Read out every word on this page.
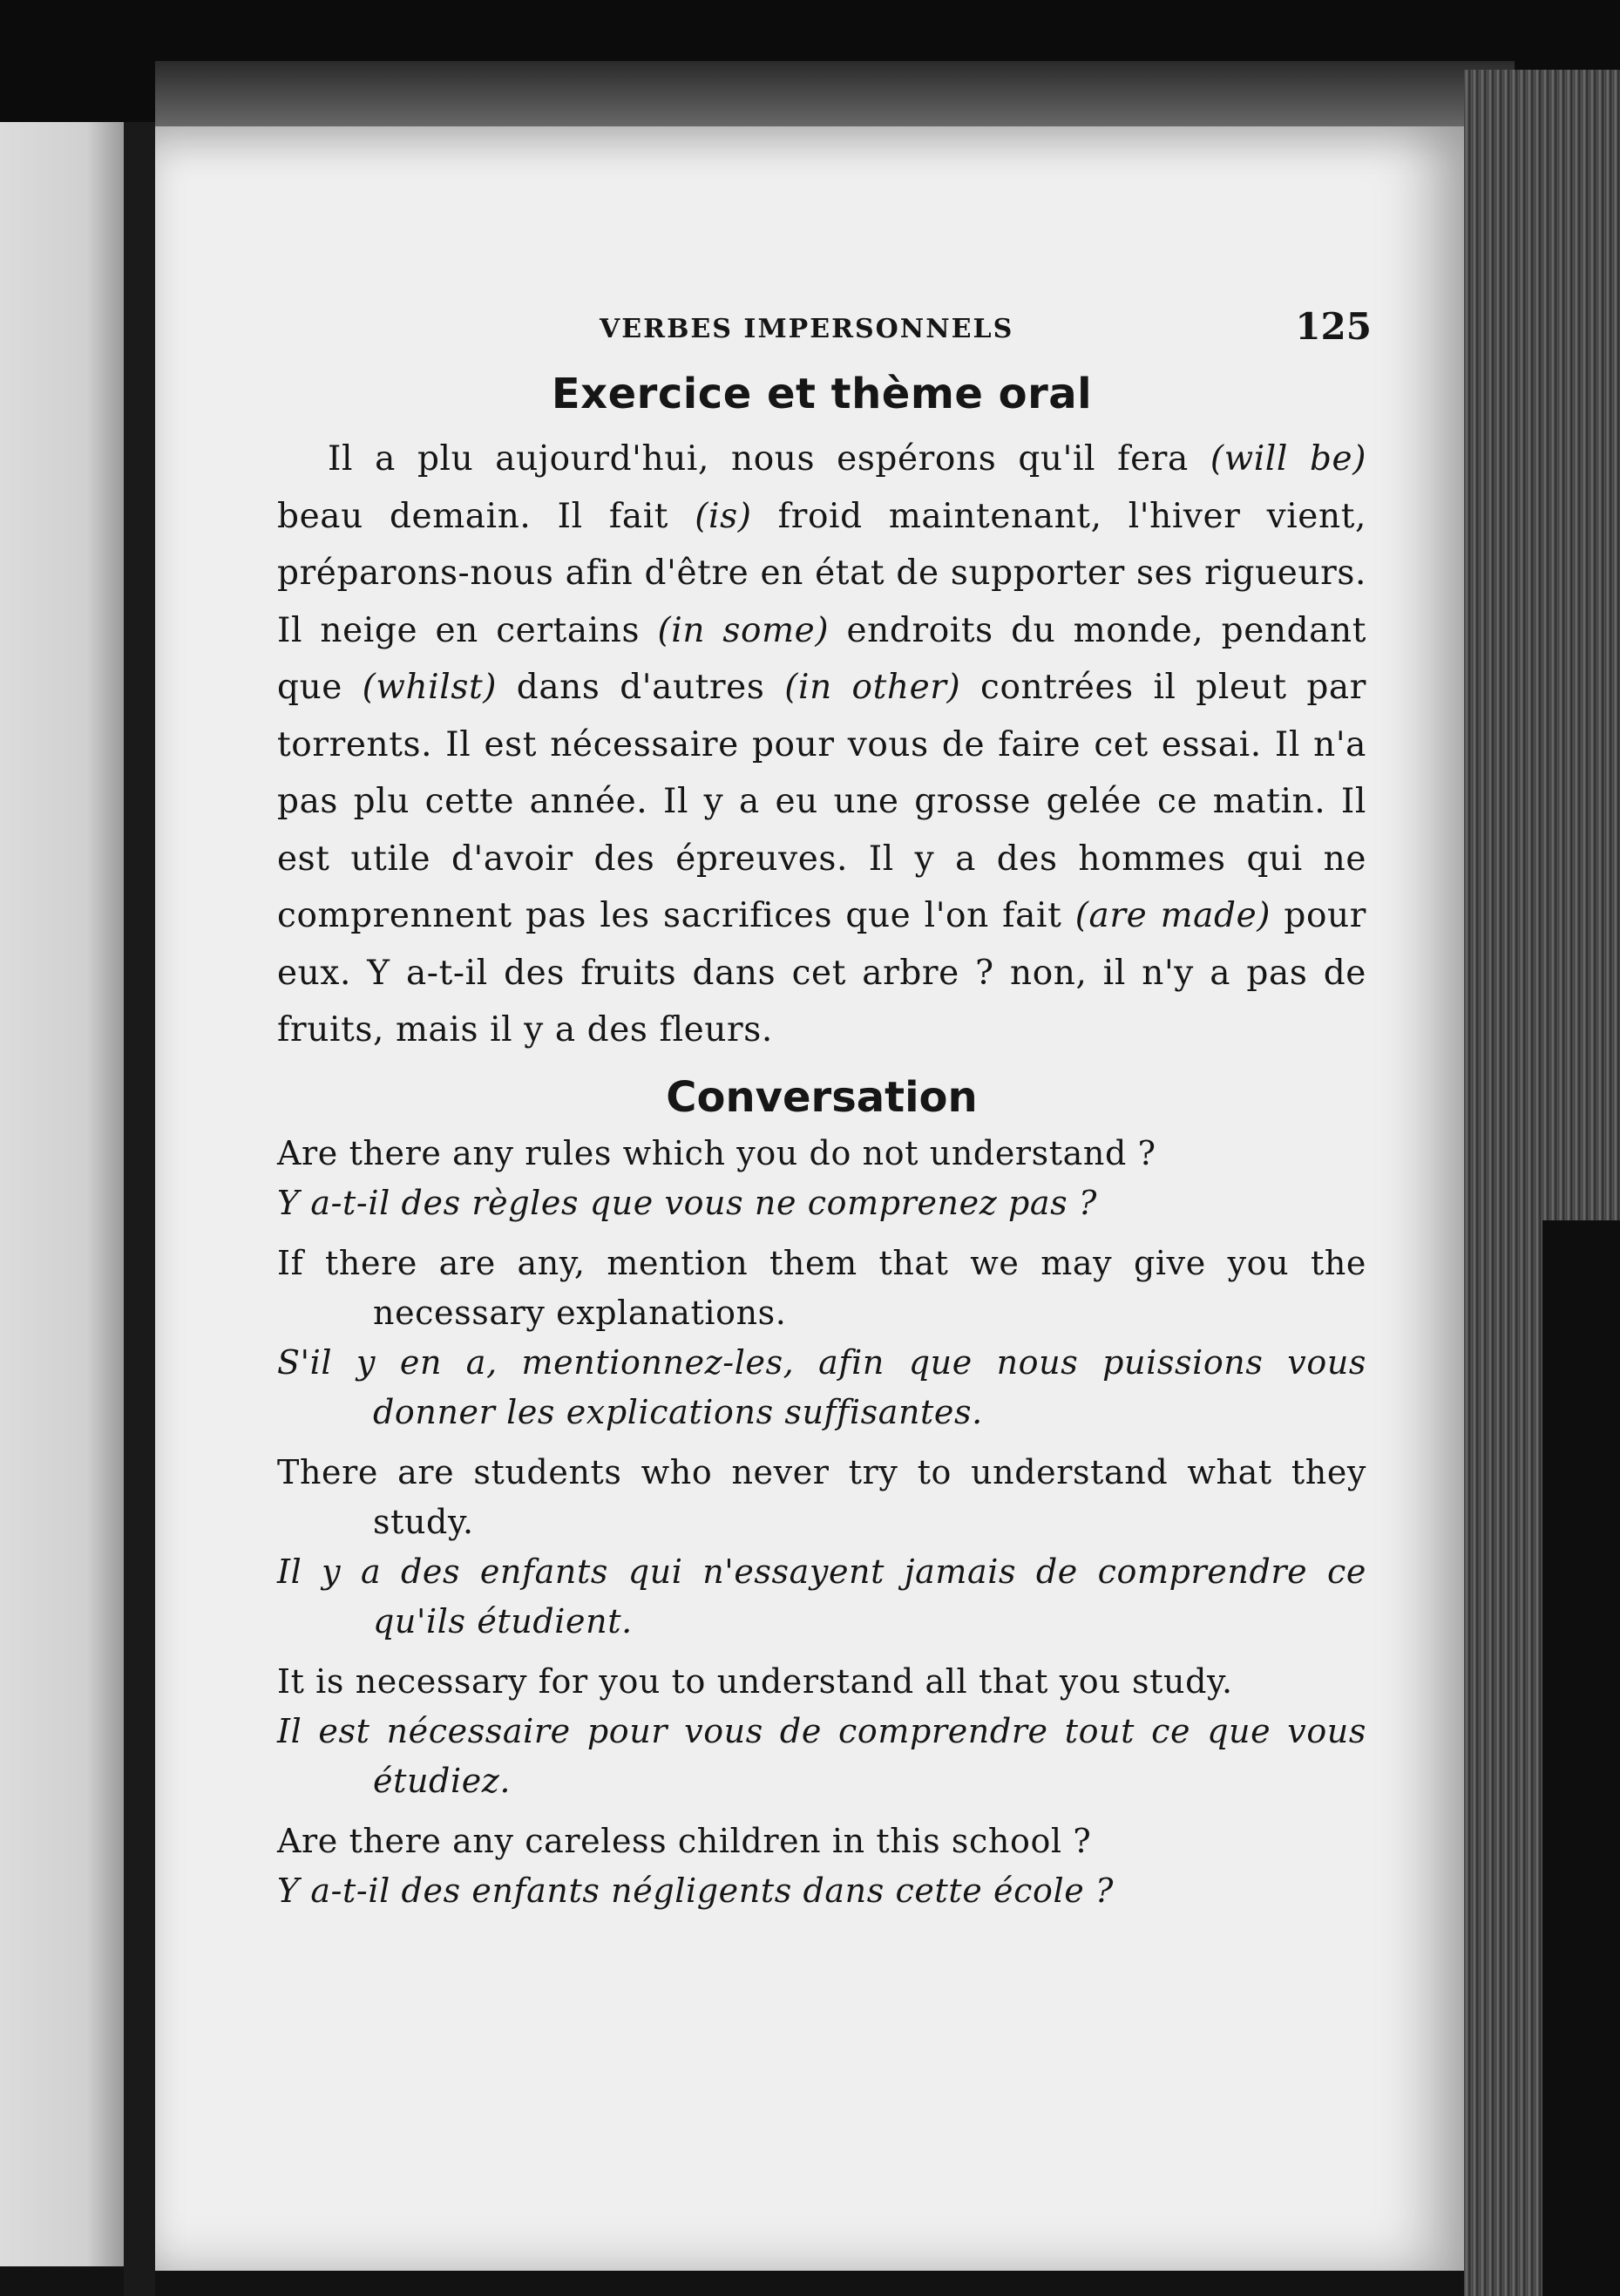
VERBES IMPERSONNELS	125
Exercice et thème oral

Il a plu aujourd'hui, nous espérons qu'il fera (will be) beau demain. Il fait (is) froid maintenant, l'hiver vient, préparons-nous afin d'être en état de supporter ses rigueurs. Il neige en certains (in some) endroits du monde, pendant que (whilst) dans d'autres (in other) contrées il pleut par torrents. Il est nécessaire pour vous de faire cet essai. Il n'a pas plu cette année. Il y a eu une grosse gelée ce matin. Il est utile d'avoir des épreuves. Il y a des hommes qui ne comprennent pas les sacrifices que l'on fait (are made) pour eux. Y a-t-il des fruits dans cet arbre ? non, il n'y a pas de fruits, mais il y a des fleurs.

Conversation
Are there any rules which you do not understand ?
Y a-t-il des règles que vous ne comprenez pas ?
If there are any, mention them that we may give you the necessary explanations.
S'il y en a, mentionnez-les, afin que nous puissions vous donner les explications suffisantes.
There are students who never try to understand what they study.
Il y a des enfants qui n'essayent jamais de comprendre ce qu'ils étudient.
It is necessary for you to understand all that you study.
Il est nécessaire pour vous de comprendre tout ce que vous étudiez.
Are there any careless children in this school ?
Y a-t-il des enfants négligents dans cette école ?
